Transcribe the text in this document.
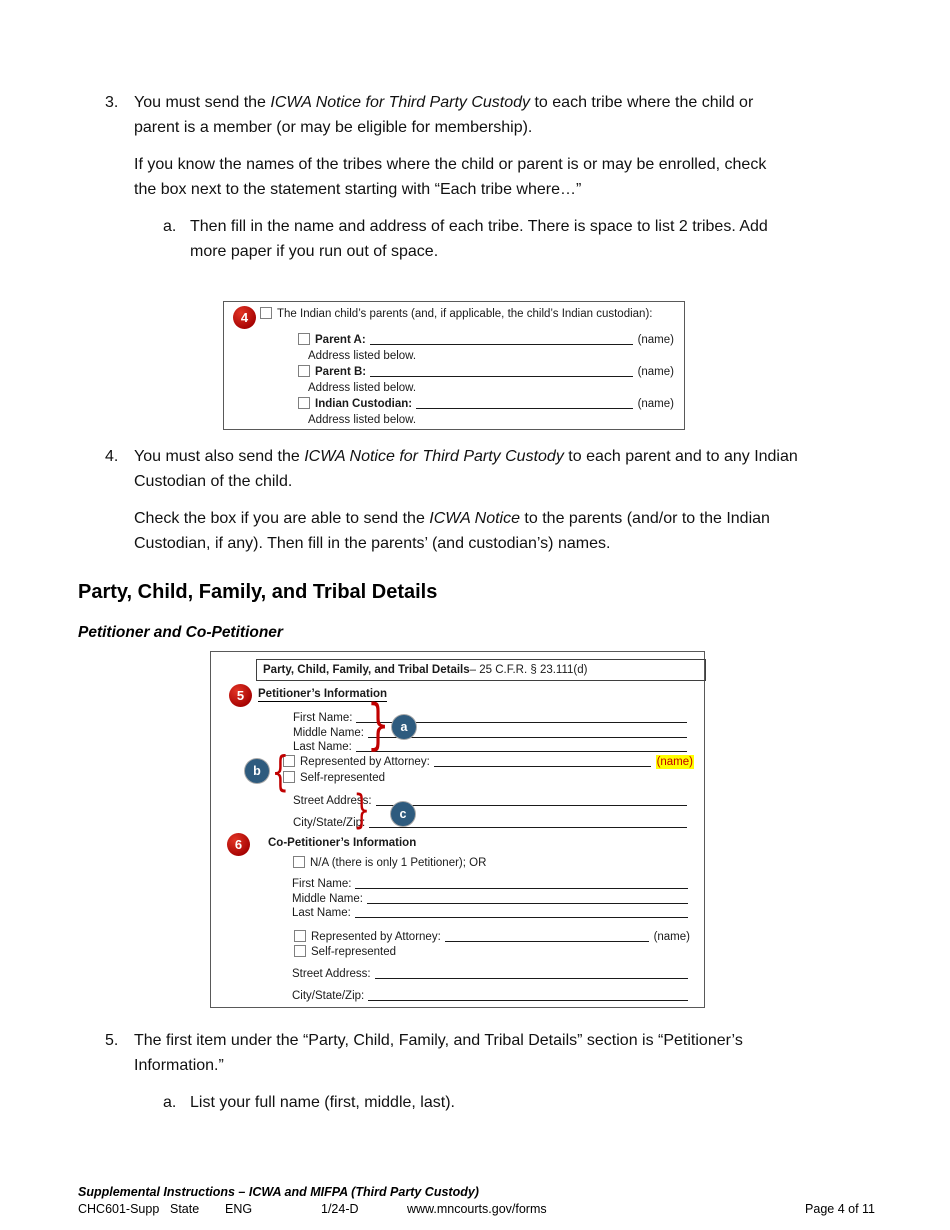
3. You must send the ICWA Notice for Third Party Custody to each tribe where the child or
parent is a member (or may be eligible for membership).
If you know the names of the tribes where the child or parent is or may be enrolled, check
the box next to the statement starting with “Each tribe where…”
a. Then fill in the name and address of each tribe. There is space to list 2 tribes. Add
more paper if you run out of space.
4	The Indian child’s parents (and, if applicable, the child’s Indian custodian):
Parent A:	(name)
Address listed below.
Parent B:	(name)
Address listed below.
Indian Custodian:	(name)
Address listed below.
4. You must also send the ICWA Notice for Third Party Custody to each parent and to any Indian
Custodian of the child.
Check the box if you are able to send the ICWA Notice to the parents (and/or to the Indian
Custodian, if any). Then fill in the parents’ (and custodian’s) names.
Party, Child, Family, and Tribal Details
Petitioner and Co-Petitioner
Party, Child, Family, and Tribal Details – 25 C.F.R. § 23.111(d)
5	Petitioner’s Information
First Name:
Middle Name:
Last Name: } a
Represented by Attorney:	(name)
Self-represented
b {
Street Address:
City/State/Zip:
}	c
6	Co-Petitioner’s Information
N/A (there is only 1 Petitioner); OR
First Name:
Middle Name:
Last Name:
Represented by Attorney:	(name)
Self-represented
Street Address:
City/State/Zip:
5. The first item under the “Party, Child, Family, and Tribal Details” section is “Petitioner’s
Information.”
a. List your full name (first, middle, last).
Supplemental Instructions – ICWA and MIFPA (Third Party Custody)
CHC601-Supp State	ENG	1/24-D	www.mncourts.gov/forms	Page 4 of 11
